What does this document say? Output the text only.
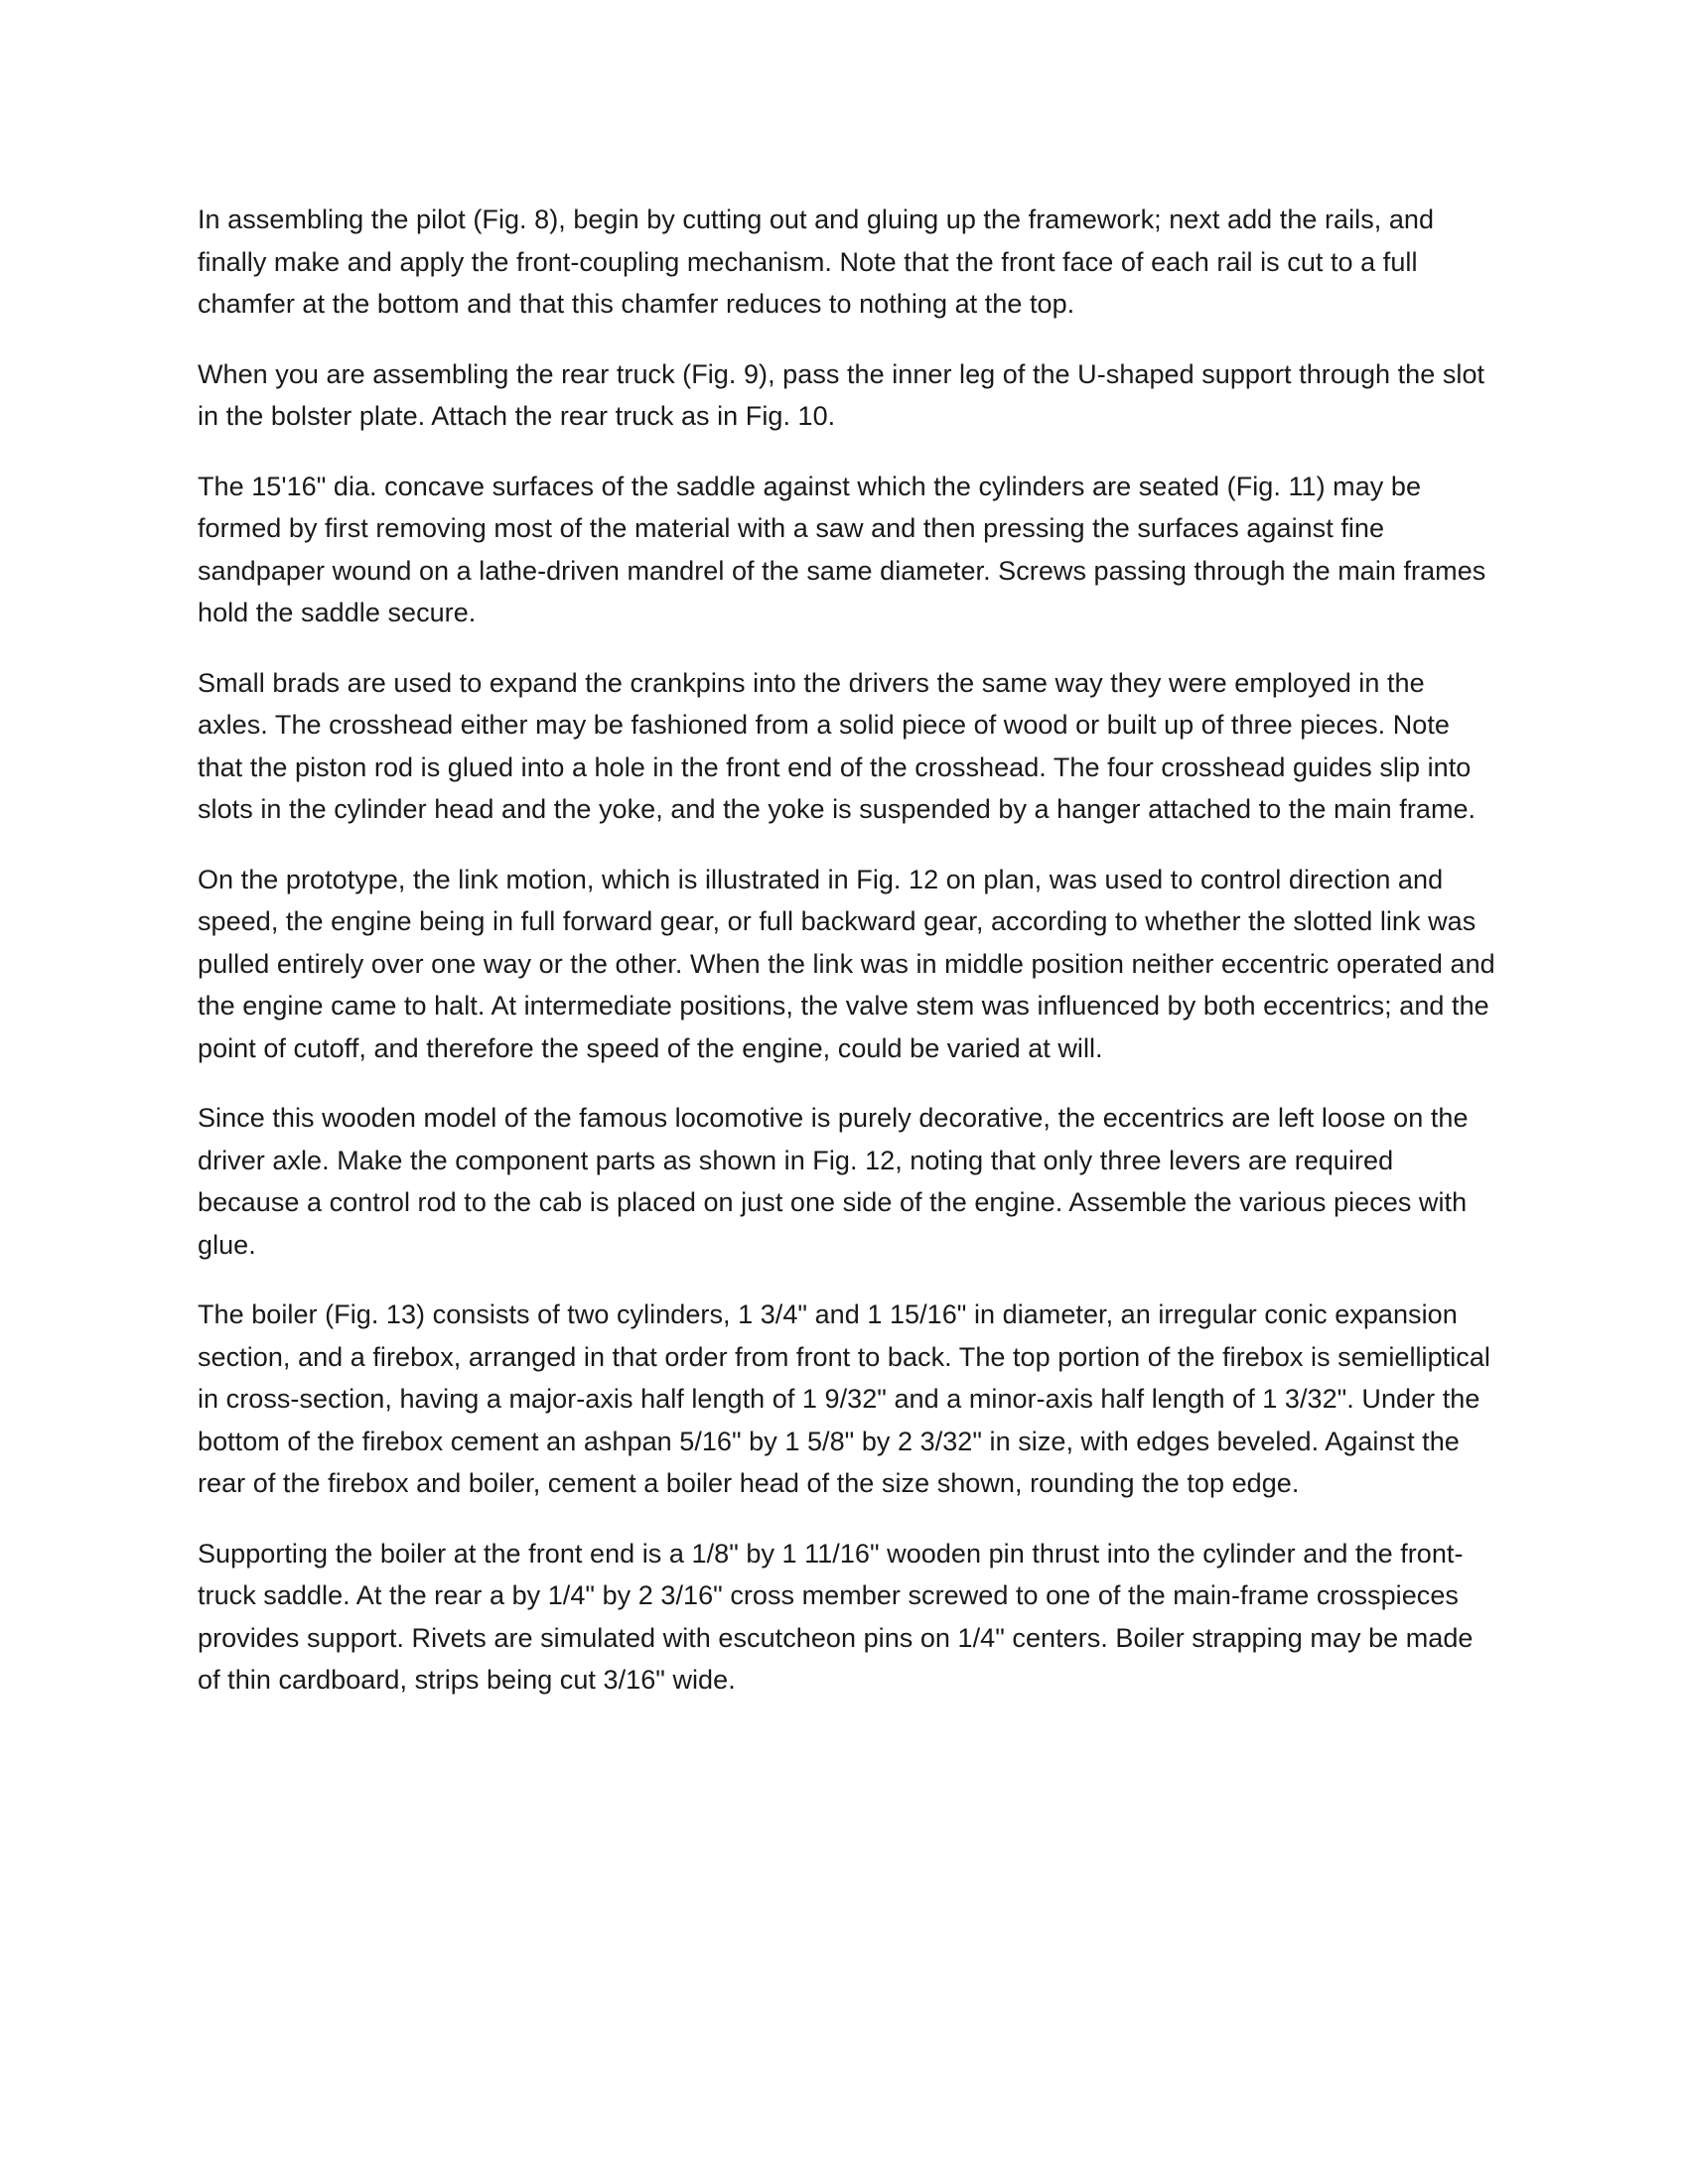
In assembling the pilot (Fig. 8), begin by cutting out and gluing up the framework; next add the rails, and finally make and apply the front-coupling mechanism. Note that the front face of each rail is cut to a full chamfer at the bottom and that this chamfer reduces to nothing at the top.

When you are assembling the rear truck (Fig. 9), pass the inner leg of the U-shaped support through the slot in the bolster plate. Attach the rear truck as in Fig. 10.

The 15'16" dia. concave surfaces of the saddle against which the cylinders are seated (Fig. 11) may be formed by first removing most of the material with a saw and then pressing the surfaces against fine sandpaper wound on a lathe-driven mandrel of the same diameter. Screws passing through the main frames hold the saddle secure.

Small brads are used to expand the crankpins into the drivers the same way they were employed in the axles. The crosshead either may be fashioned from a solid piece of wood or built up of three pieces. Note that the piston rod is glued into a hole in the front end of the crosshead. The four crosshead guides slip into slots in the cylinder head and the yoke, and the yoke is suspended by a hanger attached to the main frame.

On the prototype, the link motion, which is illustrated in Fig. 12 on plan, was used to control direction and speed, the engine being in full forward gear, or full backward gear, according to whether the slotted link was pulled entirely over one way or the other. When the link was in middle position neither eccentric operated and the engine came to halt. At intermediate positions, the valve stem was influenced by both eccentrics; and the point of cutoff, and therefore the speed of the engine, could be varied at will.

Since this wooden model of the famous locomotive is purely decorative, the eccentrics are left loose on the driver axle. Make the component parts as shown in Fig. 12, noting that only three levers are required because a control rod to the cab is placed on just one side of the engine. Assemble the various pieces with glue.

The boiler (Fig. 13) consists of two cylinders, 1 3/4" and 1 15/16" in diameter, an irregular conic expansion section, and a firebox, arranged in that order from front to back. The top portion of the firebox is semielliptical in cross-section, having a major-axis half length of 1 9/32" and a minor-axis half length of 1 3/32". Under the bottom of the firebox cement an ashpan 5/16" by 1 5/8" by 2 3/32" in size, with edges beveled. Against the rear of the firebox and boiler, cement a boiler head of the size shown, rounding the top edge.

Supporting the boiler at the front end is a 1/8" by 1 11/16" wooden pin thrust into the cylinder and the front-truck saddle. At the rear a by 1/4" by 2 3/16" cross member screwed to one of the main-frame crosspieces provides support. Rivets are simulated with escutcheon pins on 1/4" centers. Boiler strapping may be made of thin cardboard, strips being cut 3/16" wide.
